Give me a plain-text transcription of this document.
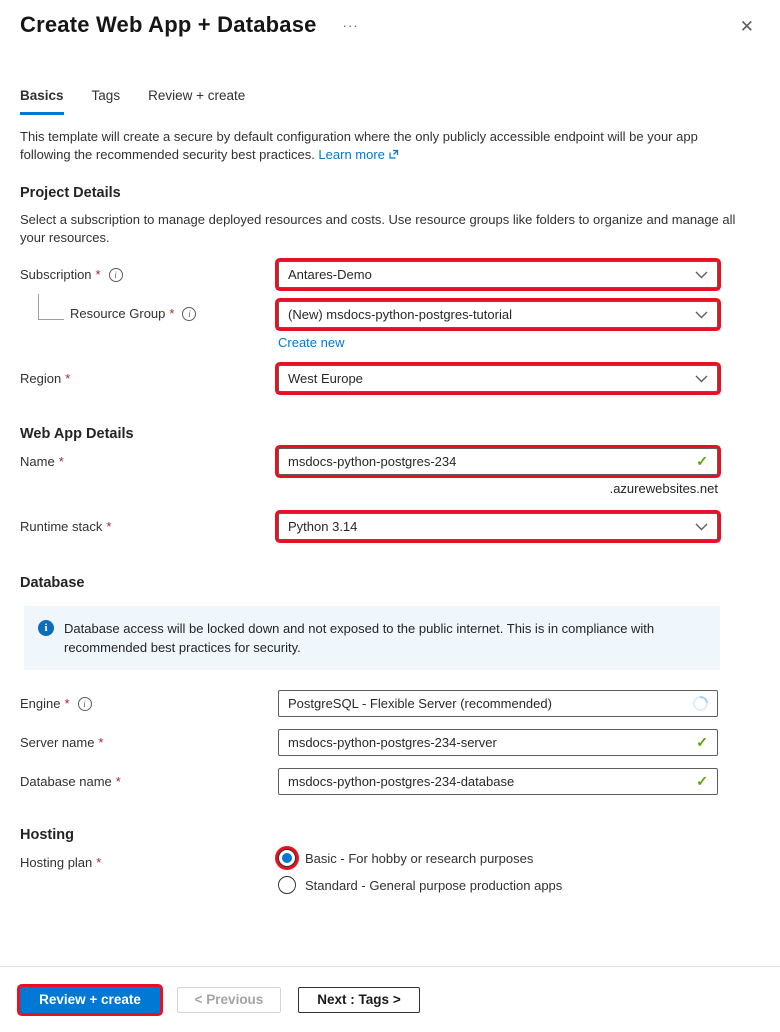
Create Web App + Database ···	✕
Basics Tags Review + create
This template will create a secure by default configuration where the only publicly accessible endpoint will be your app following the recommended security best practices. Learn more
Project Details
Select a subscription to manage deployed resources and costs. Use resource groups like folders to organize and manage all your resources.
Subscription *	i	Antares-Demo
Resource Group *	i	(New) msdocs-python-postgres-tutorial
Create new
Region *	West Europe
Web App Details
Name *	msdocs-python-postgres-234	✓
.azurewebsites.net
Runtime stack *	Python 3.14
Database
i	Database access will be locked down and not exposed to the public internet. This is in compliance with recommended best practices for security.
Engine *	i	PostgreSQL - Flexible Server (recommended)
Server name *	msdocs-python-postgres-234-server	✓
Database name *	msdocs-python-postgres-234-database	✓
Hosting
Hosting plan *	Basic - For hobby or research purposes
Standard - General purpose production apps
Review + create	< Previous	Next : Tags >
